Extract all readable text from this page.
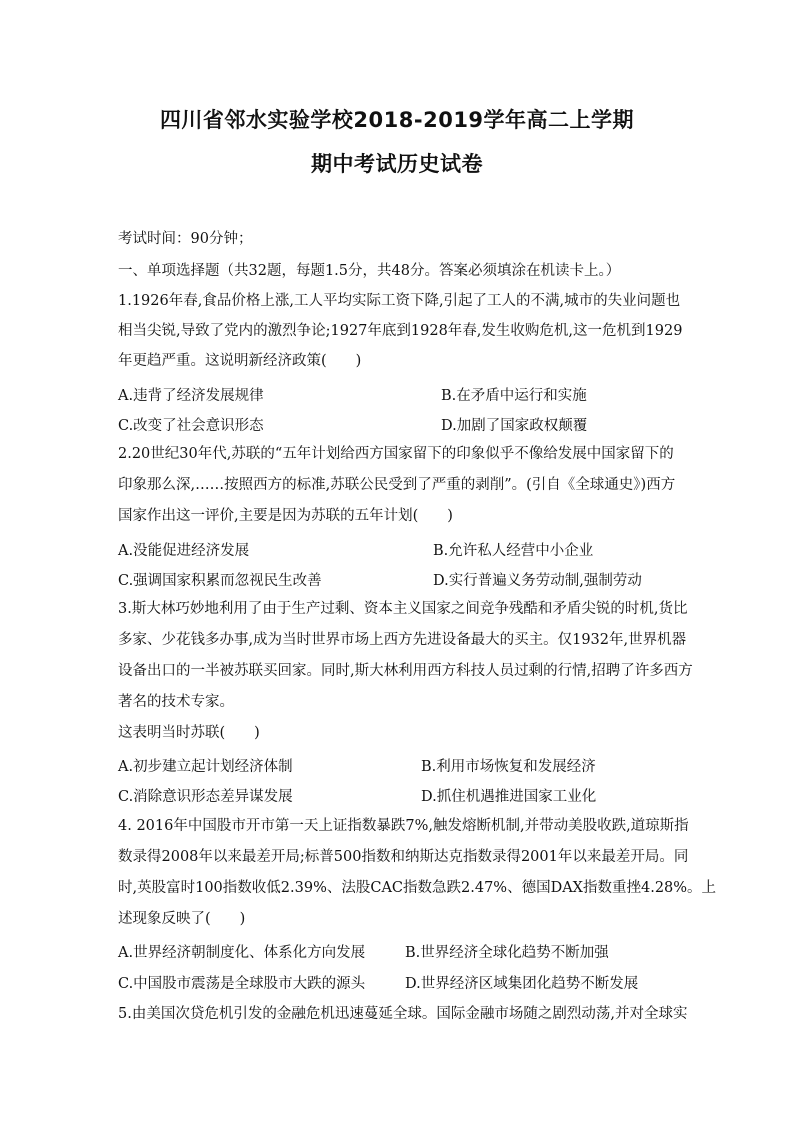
四川省邻水实验学校2018-2019学年高二上学期
期中考试历史试卷
考试时间：90分钟；
一、单项选择题（共32题，每题1.5分，共48分。答案必须填涂在机读卡上。）
1.1926年春,食品价格上涨,工人平均实际工资下降,引起了工人的不满,城市的失业问题也
相当尖锐,导致了党内的激烈争论;1927年底到1928年春,发生收购危机,这一危机到1929
年更趋严重。这说明新经济政策(　　)
A.违背了经济发展规律	B.在矛盾中运行和实施
C.改变了社会意识形态	D.加剧了国家政权颠覆
2.20世纪30年代,苏联的“五年计划给西方国家留下的印象似乎不像给发展中国家留下的
印象那么深,……按照西方的标准,苏联公民受到了严重的剥削”。(引自《全球通史》)西方
国家作出这一评价,主要是因为苏联的五年计划(　　)
A.没能促进经济发展	B.允许私人经营中小企业
C.强调国家积累而忽视民生改善	D.实行普遍义务劳动制,强制劳动
3.斯大林巧妙地利用了由于生产过剩、资本主义国家之间竞争残酷和矛盾尖锐的时机,货比
多家、少花钱多办事,成为当时世界市场上西方先进设备最大的买主。仅1932年,世界机器
设备出口的一半被苏联买回家。同时,斯大林利用西方科技人员过剩的行情,招聘了许多西方
著名的技术专家。
这表明当时苏联(　　)
A.初步建立起计划经济体制	B.利用市场恢复和发展经济
C.消除意识形态差异谋发展	D.抓住机遇推进国家工业化
4. 2016年中国股市开市第一天上证指数暴跌7%,触发熔断机制,并带动美股收跌,道琼斯指
数录得2008年以来最差开局;标普500指数和纳斯达克指数录得2001年以来最差开局。同
时,英股富时100指数收低2.39%、法股CAC指数急跌2.47%、德国DAX指数重挫4.28%。上
述现象反映了(　　)
A.世界经济朝制度化、体系化方向发展	B.世界经济全球化趋势不断加强
C.中国股市震荡是全球股市大跌的源头	D.世界经济区域集团化趋势不断发展
5.由美国次贷危机引发的金融危机迅速蔓延全球。国际金融市场随之剧烈动荡,并对全球实
